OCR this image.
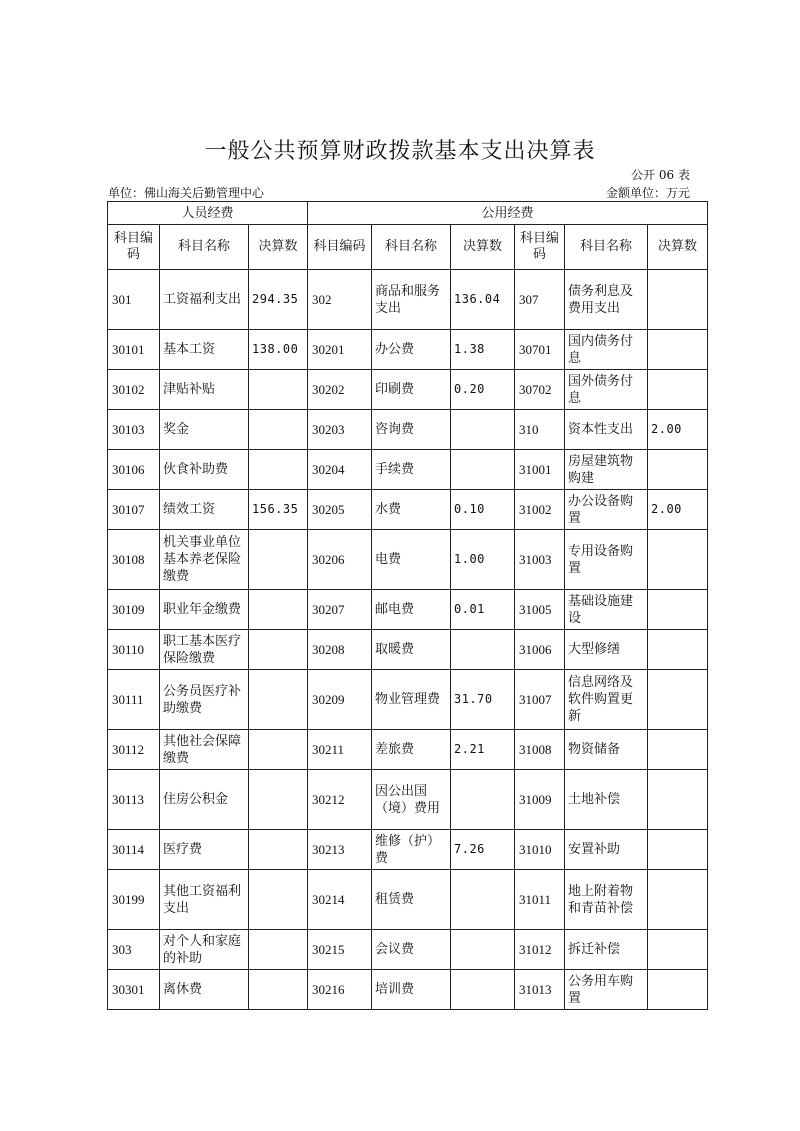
一般公共预算财政拨款基本支出决算表
公开 06 表
单位：佛山海关后勤管理中心	金额单位：万元
人员经费			公用经费					
科目编码	科目名称	决算数	科目编码	科目名称	决算数	科目编码	科目名称	决算数
301	工资福利支出	294.35	302	商品和服务支出	136.04	307	债务利息及费用支出	
30101	基本工资	138.00	30201	办公费	1.38	30701	国内债务付息	
30102	津贴补贴		30202	印刷费	0.20	30702	国外债务付息	
30103	奖金		30203	咨询费		310	资本性支出	2.00
30106	伙食补助费		30204	手续费		31001	房屋建筑物购建	
30107	绩效工资	156.35	30205	水费	0.10	31002	办公设备购置	2.00
30108	机关事业单位基本养老保险缴费		30206	电费	1.00	31003	专用设备购置	
30109	职业年金缴费		30207	邮电费	0.01	31005	基础设施建设	
30110	职工基本医疗保险缴费		30208	取暖费		31006	大型修缮	
30111	公务员医疗补助缴费		30209	物业管理费	31.70	31007	信息网络及软件购置更新	
30112	其他社会保障缴费		30211	差旅费	2.21	31008	物资储备	
30113	住房公积金		30212	因公出国（境）费用		31009	土地补偿	
30114	医疗费		30213	维修（护）费	7.26	31010	安置补助	
30199	其他工资福利支出		30214	租赁费		31011	地上附着物和青苗补偿	
303	对个人和家庭的补助		30215	会议费		31012	拆迁补偿	
30301	离休费		30216	培训费		31013	公务用车购置	
